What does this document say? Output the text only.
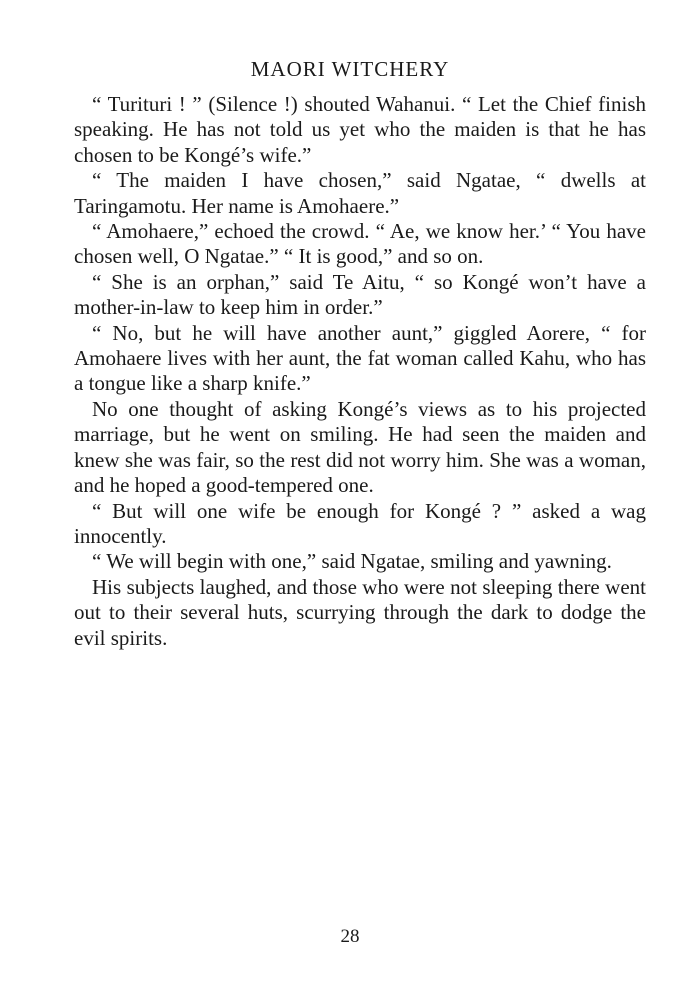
MAORI WITCHERY

“ Turituri ! ” (Silence !) shouted Wahanui. “ Let the Chief finish speaking. He has not told us yet who the maiden is that he has chosen to be Kongé’s wife.”

“ The maiden I have chosen,” said Ngatae, “ dwells at Taringamotu. Her name is Amohaere.”

“ Amohaere,” echoed the crowd. “ Ae, we know her.’ “ You have chosen well, O Ngatae.” “ It is good,” and so on.

“ She is an orphan,” said Te Aitu, “ so Kongé won’t have a mother-in-law to keep him in order.”

“ No, but he will have another aunt,” giggled Aorere, “ for Amohaere lives with her aunt, the fat woman called Kahu, who has a tongue like a sharp knife.”

No one thought of asking Kongé’s views as to his projected marriage, but he went on smiling. He had seen the maiden and knew she was fair, so the rest did not worry him. She was a woman, and he hoped a good-tempered one.

“ But will one wife be enough for Kongé ? ” asked a wag innocently.

“ We will begin with one,” said Ngatae, smiling and yawning.

His subjects laughed, and those who were not sleeping there went out to their several huts, scurrying through the dark to dodge the evil spirits.

28
